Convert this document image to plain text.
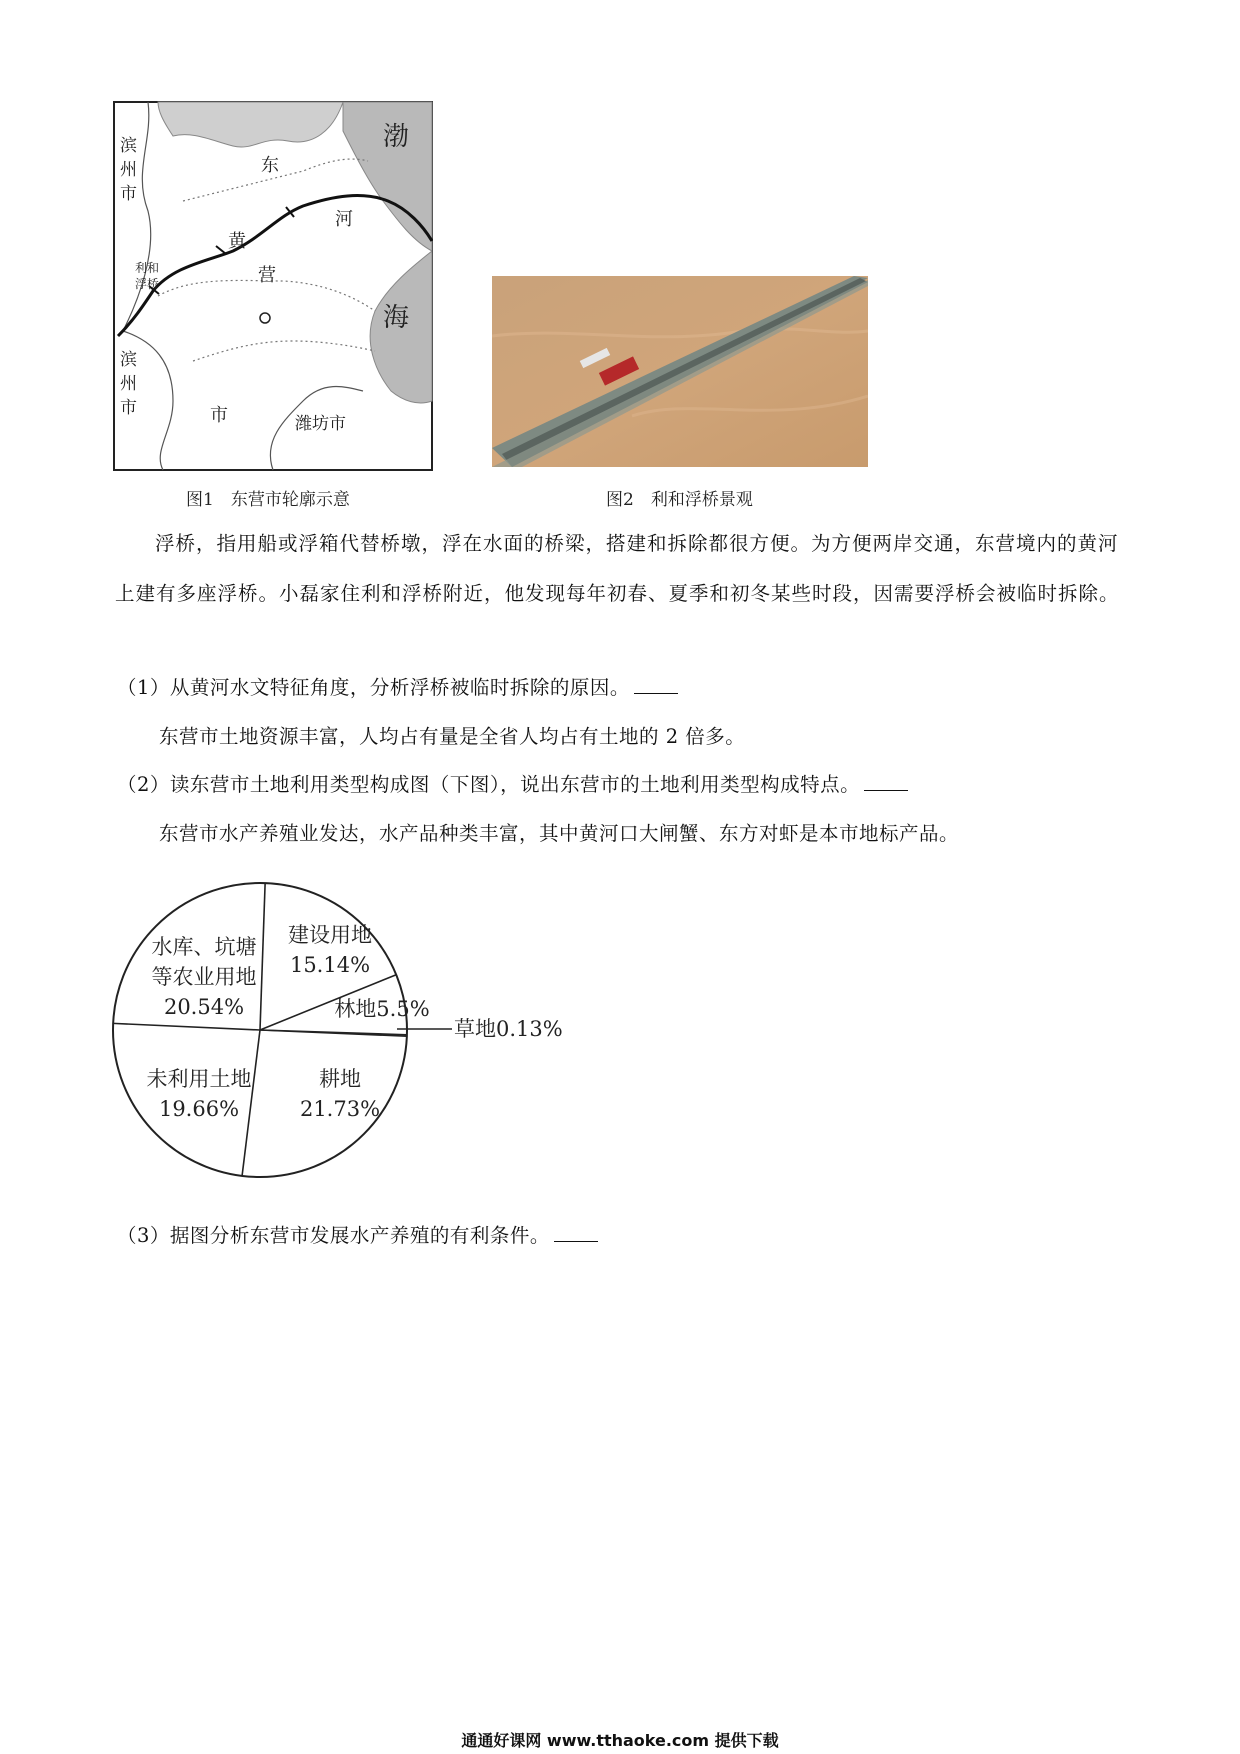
渤
海
滨
州
市
滨
州
市
东
河
黄
营
市
利和
浮桥
潍坊市
图1　东营市轮廓示意	图2　利和浮桥景观
浮桥，指用船或浮箱代替桥墩，浮在水面的桥梁，搭建和拆除都很方便。为方便两岸交通，东营境内的黄河上建有多座浮桥。小磊家住利和浮桥附近，他发现每年初春、夏季和初冬某些时段，因需要浮桥会被临时拆除。
（1）从黄河水文特征角度，分析浮桥被临时拆除的原因。
东营市土地资源丰富，人均占有量是全省人均占有土地的 2 倍多。
（2）读东营市土地利用类型构成图（下图），说出东营市的土地利用类型构成特点。
东营市水产养殖业发达，水产品种类丰富，其中黄河口大闸蟹、东方对虾是本市地标产品。
水库、坑塘
等农业用地
20.54%
建设用地
15.14%
林地5.5%
草地0.13%
未利用土地
19.66%
耕地
21.73%
（3）据图分析东营市发展水产养殖的有利条件。
通通好课网 www.tthaoke.com 提供下载
